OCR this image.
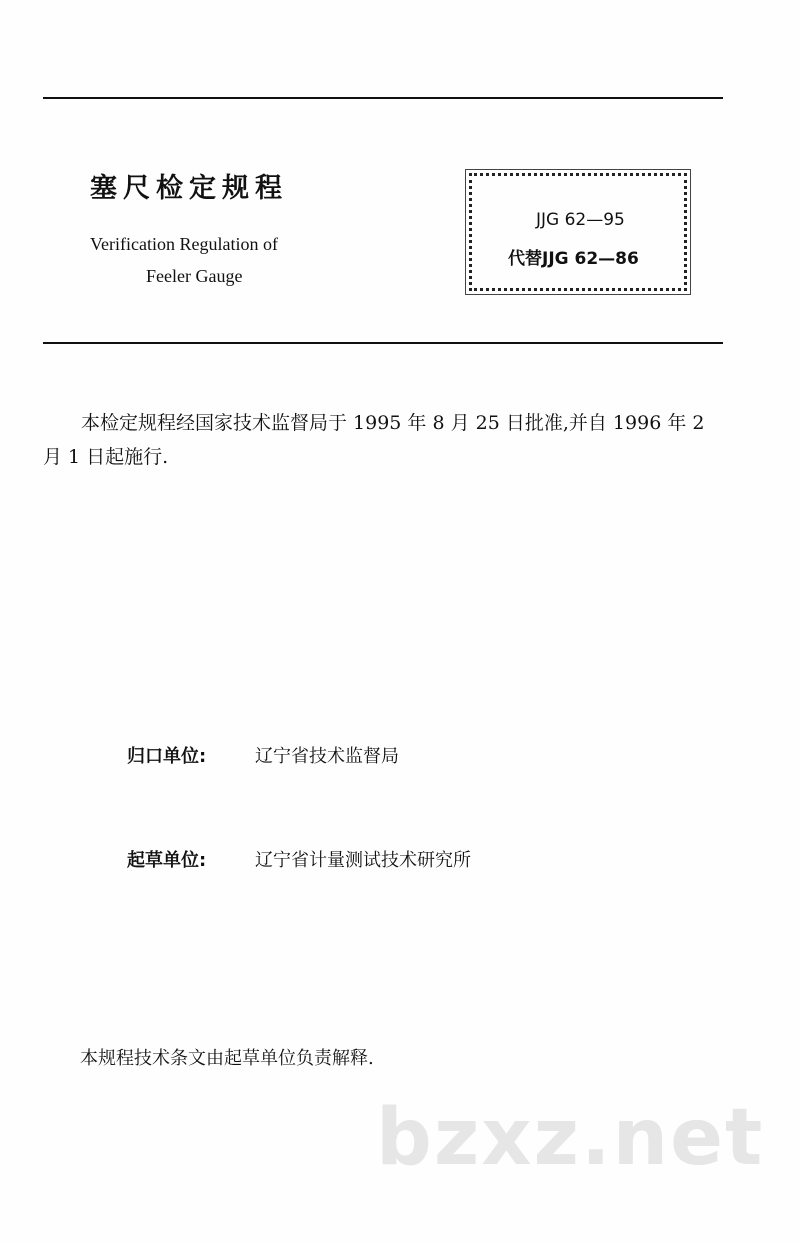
塞尺检定规程
Verification Regulation of
Feeler Gauge
JJG 62—95
代替JJG 62—86

本检定规程经国家技术监督局于 1995 年 8 月 25 日批准,并自 1996 年 2 月 1 日起施行.

归口单位:	辽宁省技术监督局
起草单位:	辽宁省计量测试技术研究所

本规程技术条文由起草单位负责解释.

bzxz.net
